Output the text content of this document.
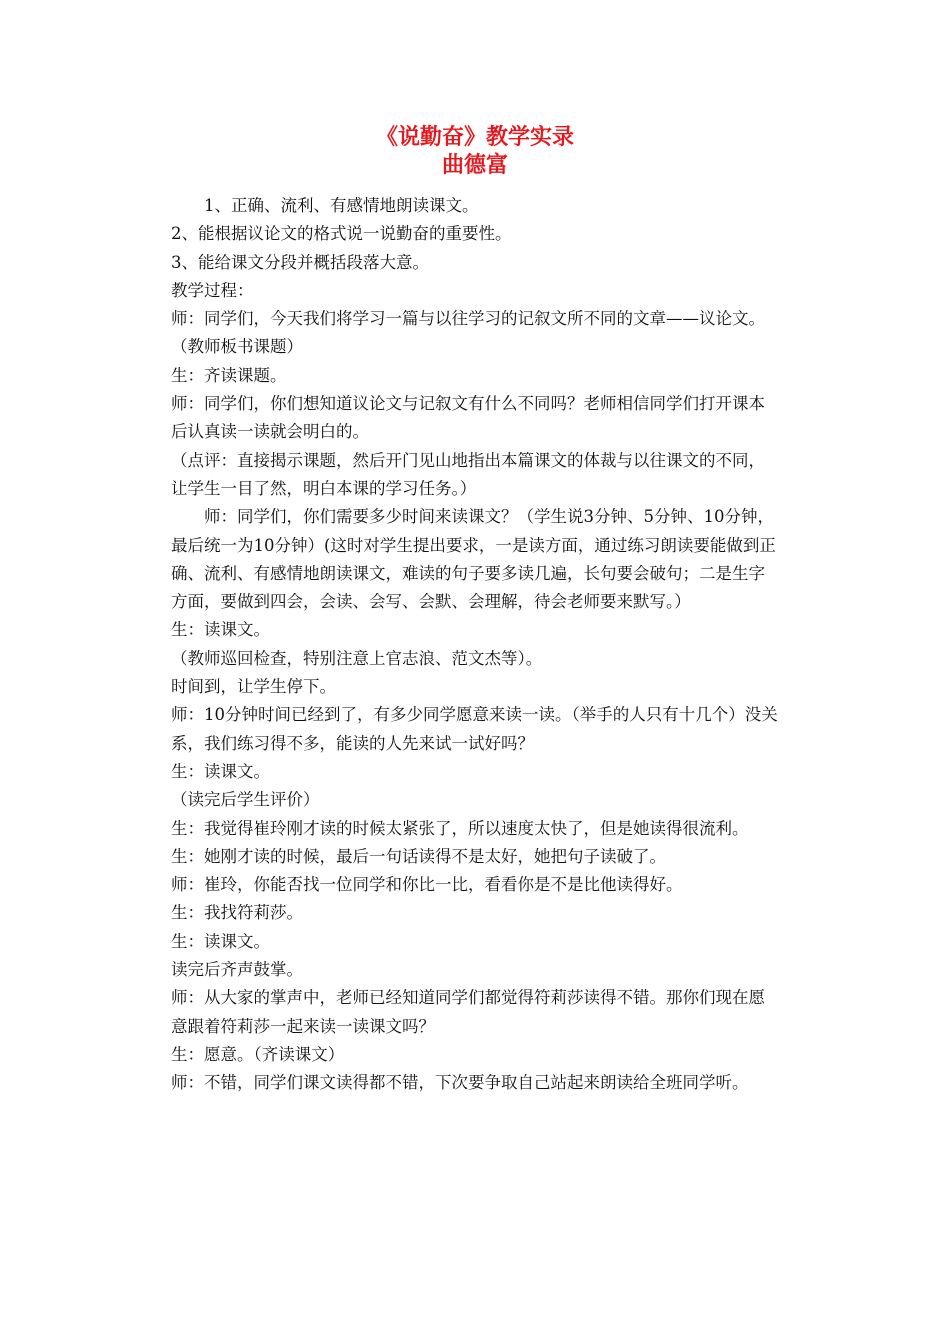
《说勤奋》教学实录

曲德富

1、正确、流利、有感情地朗读课文。

2、能根据议论文的格式说一说勤奋的重要性。

3、能给课文分段并概括段落大意。

教学过程：

师：同学们，今天我们将学习一篇与以往学习的记叙文所不同的文章——议论文。（教师板书课题）

生：齐读课题。

师：同学们，你们想知道议论文与记叙文有什么不同吗？老师相信同学们打开课本后认真读一读就会明白的。

（点评：直接揭示课题，然后开门见山地指出本篇课文的体裁与以往课文的不同，让学生一目了然，明白本课的学习任务。）

师：同学们，你们需要多少时间来读课文？（学生说3分钟、5分钟、10分钟，最后统一为10分钟）(这时对学生提出要求，一是读方面，通过练习朗读要能做到正确、流利、有感情地朗读课文，难读的句子要多读几遍，长句要会破句；二是生字方面，要做到四会，会读、会写、会默、会理解，待会老师要来默写。）

生：读课文。

（教师巡回检查，特别注意上官志浪、范文杰等）。

时间到，让学生停下。

师：10分钟时间已经到了，有多少同学愿意来读一读。（举手的人只有十几个）没关系，我们练习得不多，能读的人先来试一试好吗？

生：读课文。

（读完后学生评价）

生：我觉得崔玲刚才读的时候太紧张了，所以速度太快了，但是她读得很流利。

生：她刚才读的时候，最后一句话读得不是太好，她把句子读破了。

师：崔玲，你能否找一位同学和你比一比，看看你是不是比他读得好。

生：我找符莉莎。

生：读课文。

读完后齐声鼓掌。

师：从大家的掌声中，老师已经知道同学们都觉得符莉莎读得不错。那你们现在愿意跟着符莉莎一起来读一读课文吗？

生：愿意。（齐读课文）

师：不错，同学们课文读得都不错，下次要争取自己站起来朗读给全班同学听。
